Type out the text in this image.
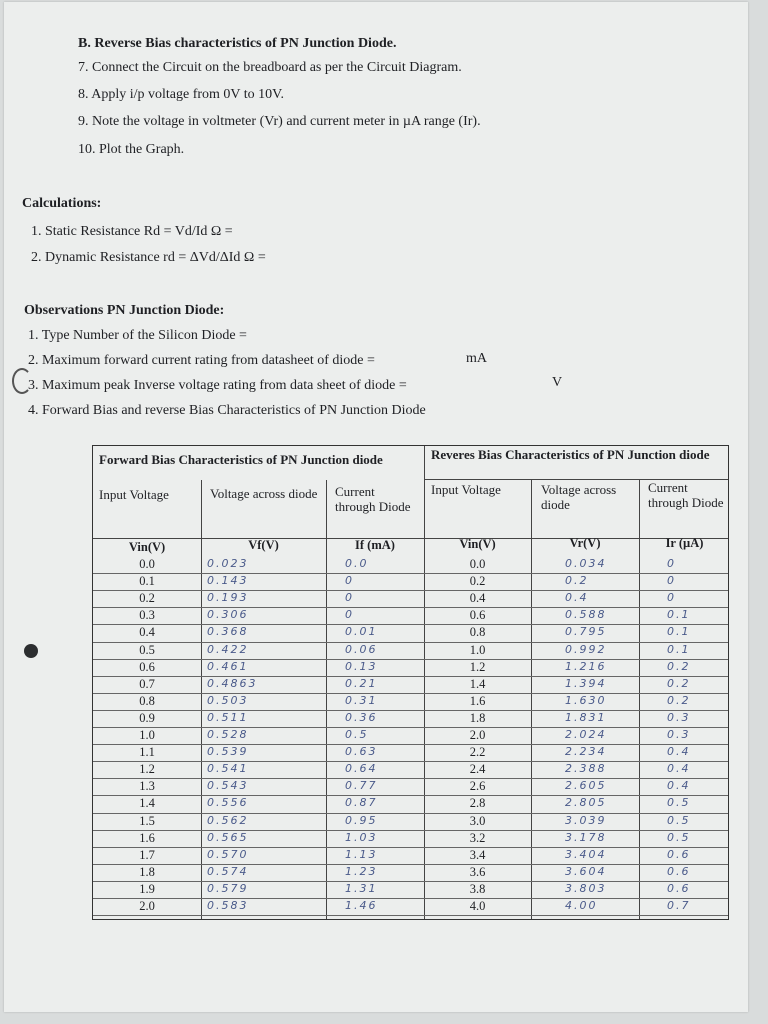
B. Reverse Bias characteristics of PN Junction Diode.
7. Connect the Circuit on the breadboard as per the Circuit Diagram.
8. Apply i/p voltage from 0V to 10V.
9. Note the voltage in voltmeter (Vr) and current meter in µA range (Ir).
10. Plot the Graph.
Calculations:
1. Static Resistance Rd = Vd/Id Ω =
2. Dynamic Resistance rd = ΔVd/ΔId Ω =
Observations PN Junction Diode:
1. Type Number of the Silicon Diode =
2. Maximum forward current rating from datasheet of diode =	mA
3. Maximum peak Inverse voltage rating from data sheet of diode =	V
4. Forward Bias and reverse Bias Characteristics of PN Junction Diode
Forward Bias Characteristics of PN Junction diode	Reveres Bias Characteristics of PN Junction diode
Input Voltage	Voltage across diode Current through Diode
Input Voltage	Voltage across diode
Current through Diode
Vin(V)	Vf(V)	If (mA)	Vin(V)	Vr(V)	Ir (µA)
0.0	0.023	0.0	0.0	0.034	0
0.1	0.143	0	0.2	0.2	0
0.2	0.193	0	0.4	0.4	0
0.3	0.306	0	0.6	0.588	0.1
0.4	0.368	0.01	0.8	0.795	0.1
0.5	0.422	0.06	1.0	0.992	0.1
0.6	0.461	0.13	1.2	1.216	0.2
0.7	0.4863	0.21	1.4	1.394	0.2
0.8	0.503	0.31	1.6	1.630	0.2
0.9	0.511	0.36	1.8	1.831	0.3
1.0	0.528	0.5	2.0	2.024	0.3
1.1	0.539	0.63	2.2	2.234	0.4
1.2	0.541	0.64	2.4	2.388	0.4
1.3	0.543	0.77	2.6	2.605	0.4
1.4	0.556	0.87	2.8	2.805	0.5
1.5	0.562	0.95	3.0	3.039	0.5
1.6	0.565	1.03	3.2	3.178	0.5
1.7	0.570	1.13	3.4	3.404	0.6
1.8	0.574	1.23	3.6	3.604	0.6
1.9	0.579	1.31	3.8	3.803	0.6
2.0	0.583	1.46	4.0	4.00	0.7
